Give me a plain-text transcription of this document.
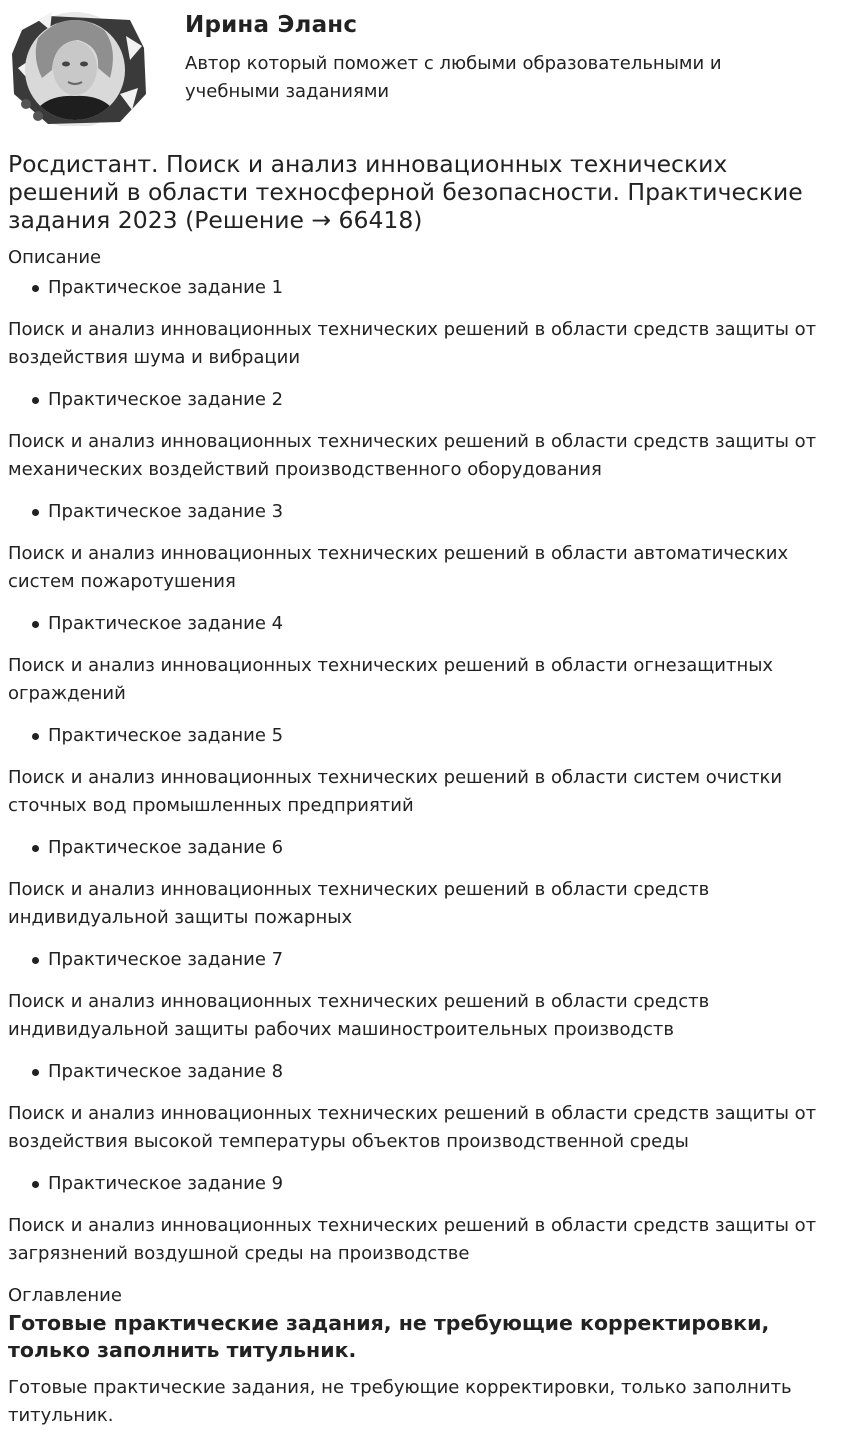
Ирина Эланс
Автор который поможет с любыми образовательными и учебными заданиями
Росдистант. Поиск и анализ инновационных технических решений в области техносферной безопасности. Практические задания 2023 (Решение → 66418)

Описание

Практическое задание 1

Поиск и анализ инновационных технических решений в области средств защиты от воздействия шума и вибрации

Практическое задание 2

Поиск и анализ инновационных технических решений в области средств защиты от механических воздействий производственного оборудования

Практическое задание 3

Поиск и анализ инновационных технических решений в области автоматических систем пожаротушения

Практическое задание 4

Поиск и анализ инновационных технических решений в области огнезащитных ограждений

Практическое задание 5

Поиск и анализ инновационных технических решений в области систем очистки сточных вод промышленных предприятий

Практическое задание 6

Поиск и анализ инновационных технических решений в области средств индивидуальной защиты пожарных

Практическое задание 7

Поиск и анализ инновационных технических решений в области средств индивидуальной защиты рабочих машиностроительных производств

Практическое задание 8

Поиск и анализ инновационных технических решений в области средств защиты от воздействия высокой температуры объектов производственной среды

Практическое задание 9

Поиск и анализ инновационных технических решений в области средств защиты от загрязнений воздушной среды на производстве

Оглавление

Готовые практические задания, не требующие корректировки, только заполнить титульник.

Готовые практические задания, не требующие корректировки, только заполнить титульник.
